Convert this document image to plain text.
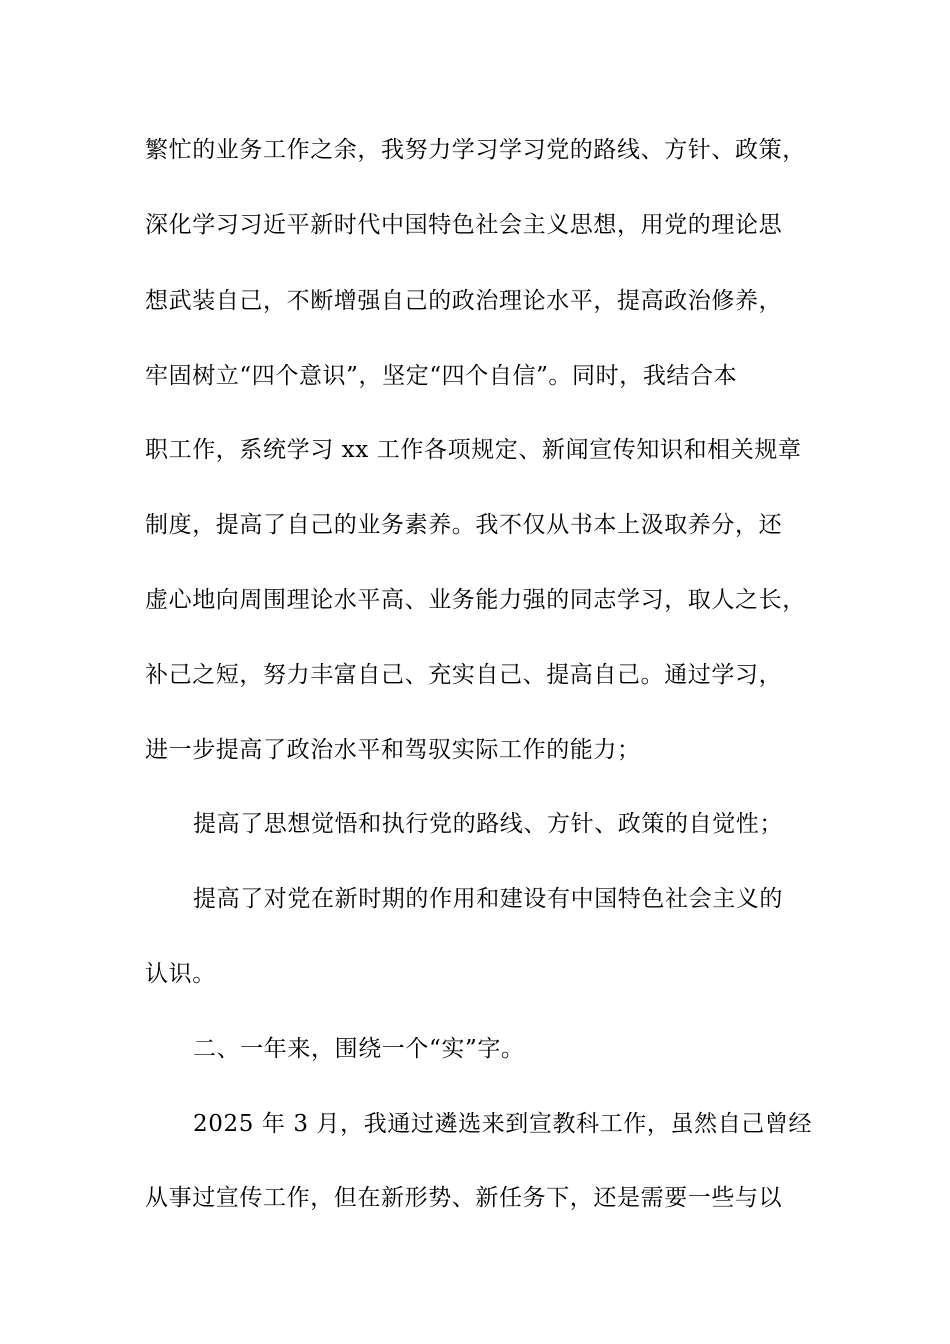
繁忙的业务工作之余，我努力学习学习党的路线、方针、政策，
深化学习习近平新时代中国特色社会主义思想，用党的理论思
想武装自己，不断增强自己的政治理论水平，提高政治修养，
牢固树立“四个意识”，坚定“四个自信”。同时，我结合本
职工作，系统学习 xx 工作各项规定、新闻宣传知识和相关规章
制度，提高了自己的业务素养。我不仅从书本上汲取养分，还
虚心地向周围理论水平高、业务能力强的同志学习，取人之长，
补己之短，努力丰富自己、充实自己、提高自己。通过学习，
进一步提高了政治水平和驾驭实际工作的能力；
提高了思想觉悟和执行党的路线、方针、政策的自觉性；
提高了对党在新时期的作用和建设有中国特色社会主义的
认识。
二、一年来，围绕一个“实”字。
2025 年 3 月，我通过遴选来到宣教科工作，虽然自己曾经
从事过宣传工作，但在新形势、新任务下，还是需要一些与以
